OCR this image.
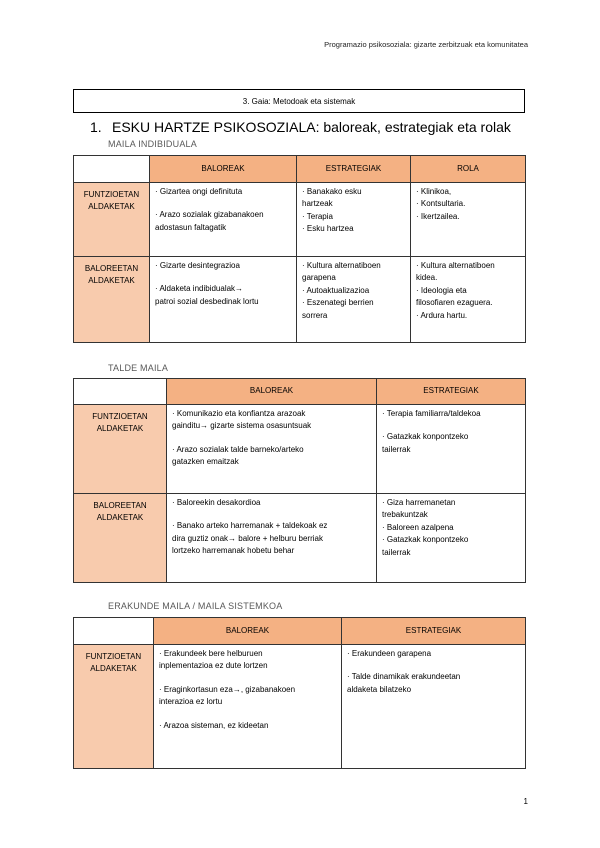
Programazio psikosoziala: gizarte zerbitzuak eta komunitatea
3. Gaia: Metodoak eta sistemak
1. ESKU HARTZE PSIKOSOZIALA: baloreak, estrategiak eta rolak
MAILA INDIBIDUALA
	BALOREAK	ESTRATEGIAK	ROLA

FUNTZIOETAN
ALDAKETAK	· Gizartea ongi definituta
· Arazo sozialak gizabanakoen
adostasun faltagatik	· Banakako esku
hartzeak
· Terapia
· Esku hartzea	· Klinikoa,
· Kontsultaria.
· Ikertzailea.

BALOREETAN
ALDAKETAK	· Gizarte desintegrazioa
· Aldaketa indibidualak→
patroi sozial desbedinak lortu	· Kultura alternatiboen
garapena
· Autoaktualizazioa
· Eszenategi berrien
sorrera	· Kultura alternatiboen
kidea.
· Ideologia eta
filosofiaren ezaguera.
· Ardura hartu.
TALDE MAILA
	BALOREAK	ESTRATEGIAK

FUNTZIOETAN
ALDAKETAK	· Komunikazio eta konfiantza arazoak
gainditu→ gizarte sistema osasuntsuak
· Arazo sozialak talde barneko/arteko
gatazken emaitzak	· Terapia familiarra/taldekoa
· Gatazkak konpontzeko
tailerrak

BALOREETAN
ALDAKETAK	· Baloreekin desakordioa
· Banako arteko harremanak + taldekoak ez
dira guztiz onak→ balore + helburu berriak
lortzeko harremanak hobetu behar	· Giza harremanetan
trebakuntzak
· Baloreen azalpena
· Gatazkak konpontzeko
tailerrak
ERAKUNDE MAILA / MAILA SISTEMKOA
	BALOREAK	ESTRATEGIAK

FUNTZIOETAN
ALDAKETAK	· Erakundeek bere helburuen
inplementazioa ez dute lortzen
· Eraginkortasun eza→, gizabanakoen
interazioa ez lortu
· Arazoa sisteman, ez kideetan	· Erakundeen garapena
· Talde dinamikak erakundeetan
aldaketa bilatzeko
1
